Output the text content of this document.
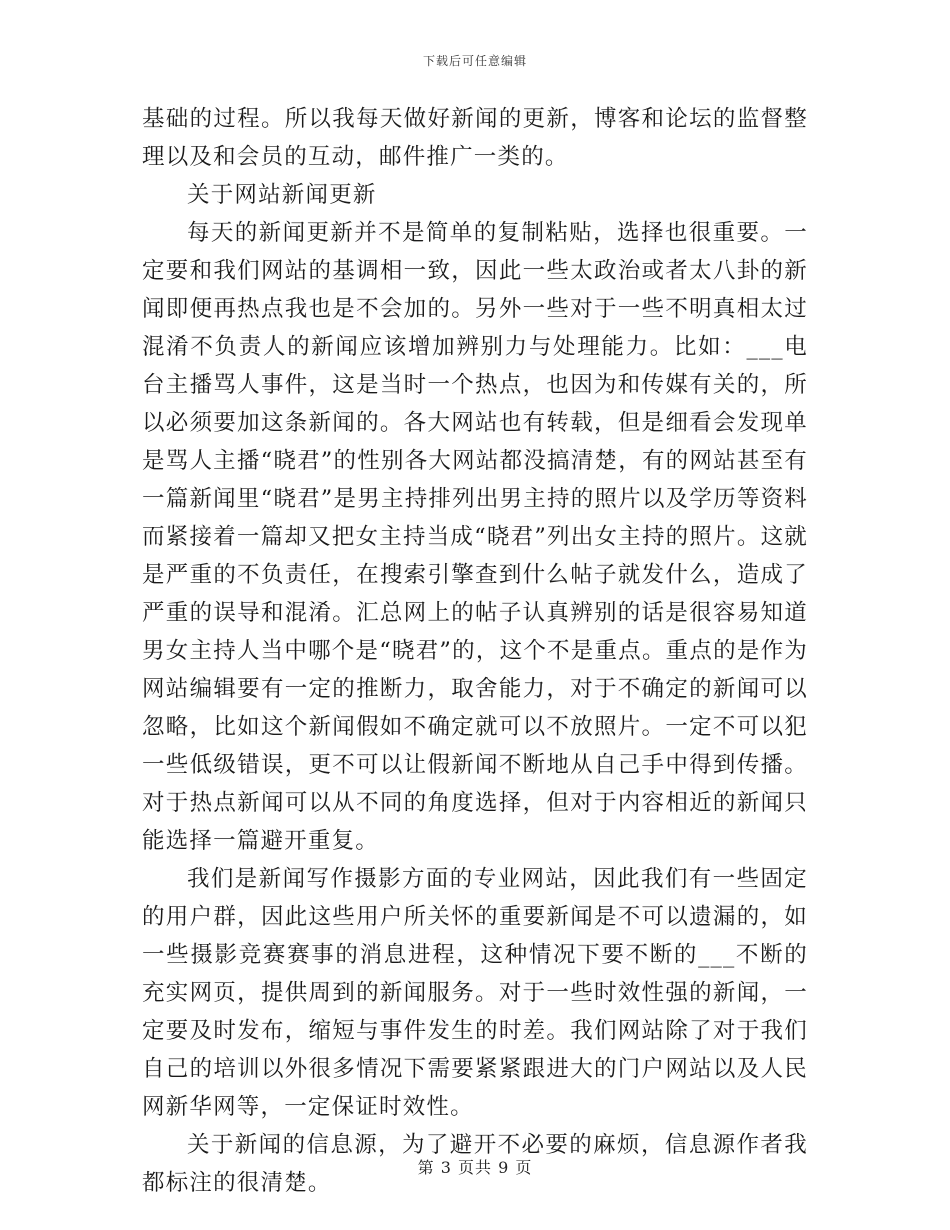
下载后可任意编辑

基础的过程。所以我每天做好新闻的更新，博客和论坛的监督整理以及和会员的互动，邮件推广一类的。

关于网站新闻更新

每天的新闻更新并不是简单的复制粘贴，选择也很重要。一定要和我们网站的基调相一致，因此一些太政治或者太八卦的新闻即便再热点我也是不会加的。另外一些对于一些不明真相太过混淆不负责人的新闻应该增加辨别力与处理能力。比如：___电台主播骂人事件，这是当时一个热点，也因为和传媒有关的，所以必须要加这条新闻的。各大网站也有转载，但是细看会发现单是骂人主播“晓君”的性别各大网站都没搞清楚，有的网站甚至有一篇新闻里“晓君”是男主持排列出男主持的照片以及学历等资料而紧接着一篇却又把女主持当成“晓君”列出女主持的照片。这就是严重的不负责任，在搜索引擎查到什么帖子就发什么，造成了严重的误导和混淆。汇总网上的帖子认真辨别的话是很容易知道男女主持人当中哪个是“晓君”的，这个不是重点。重点的是作为网站编辑要有一定的推断力，取舍能力，对于不确定的新闻可以忽略，比如这个新闻假如不确定就可以不放照片。一定不可以犯一些低级错误，更不可以让假新闻不断地从自己手中得到传播。对于热点新闻可以从不同的角度选择，但对于内容相近的新闻只能选择一篇避开重复。

我们是新闻写作摄影方面的专业网站，因此我们有一些固定的用户群，因此这些用户所关怀的重要新闻是不可以遗漏的，如一些摄影竞赛赛事的消息进程，这种情况下要不断的___不断的充实网页，提供周到的新闻服务。对于一些时效性强的新闻，一定要及时发布，缩短与事件发生的时差。我们网站除了对于我们自己的培训以外很多情况下需要紧紧跟进大的门户网站以及人民网新华网等，一定保证时效性。

关于新闻的信息源，为了避开不必要的麻烦，信息源作者我都标注的很清楚。

第 3 页共 9 页
